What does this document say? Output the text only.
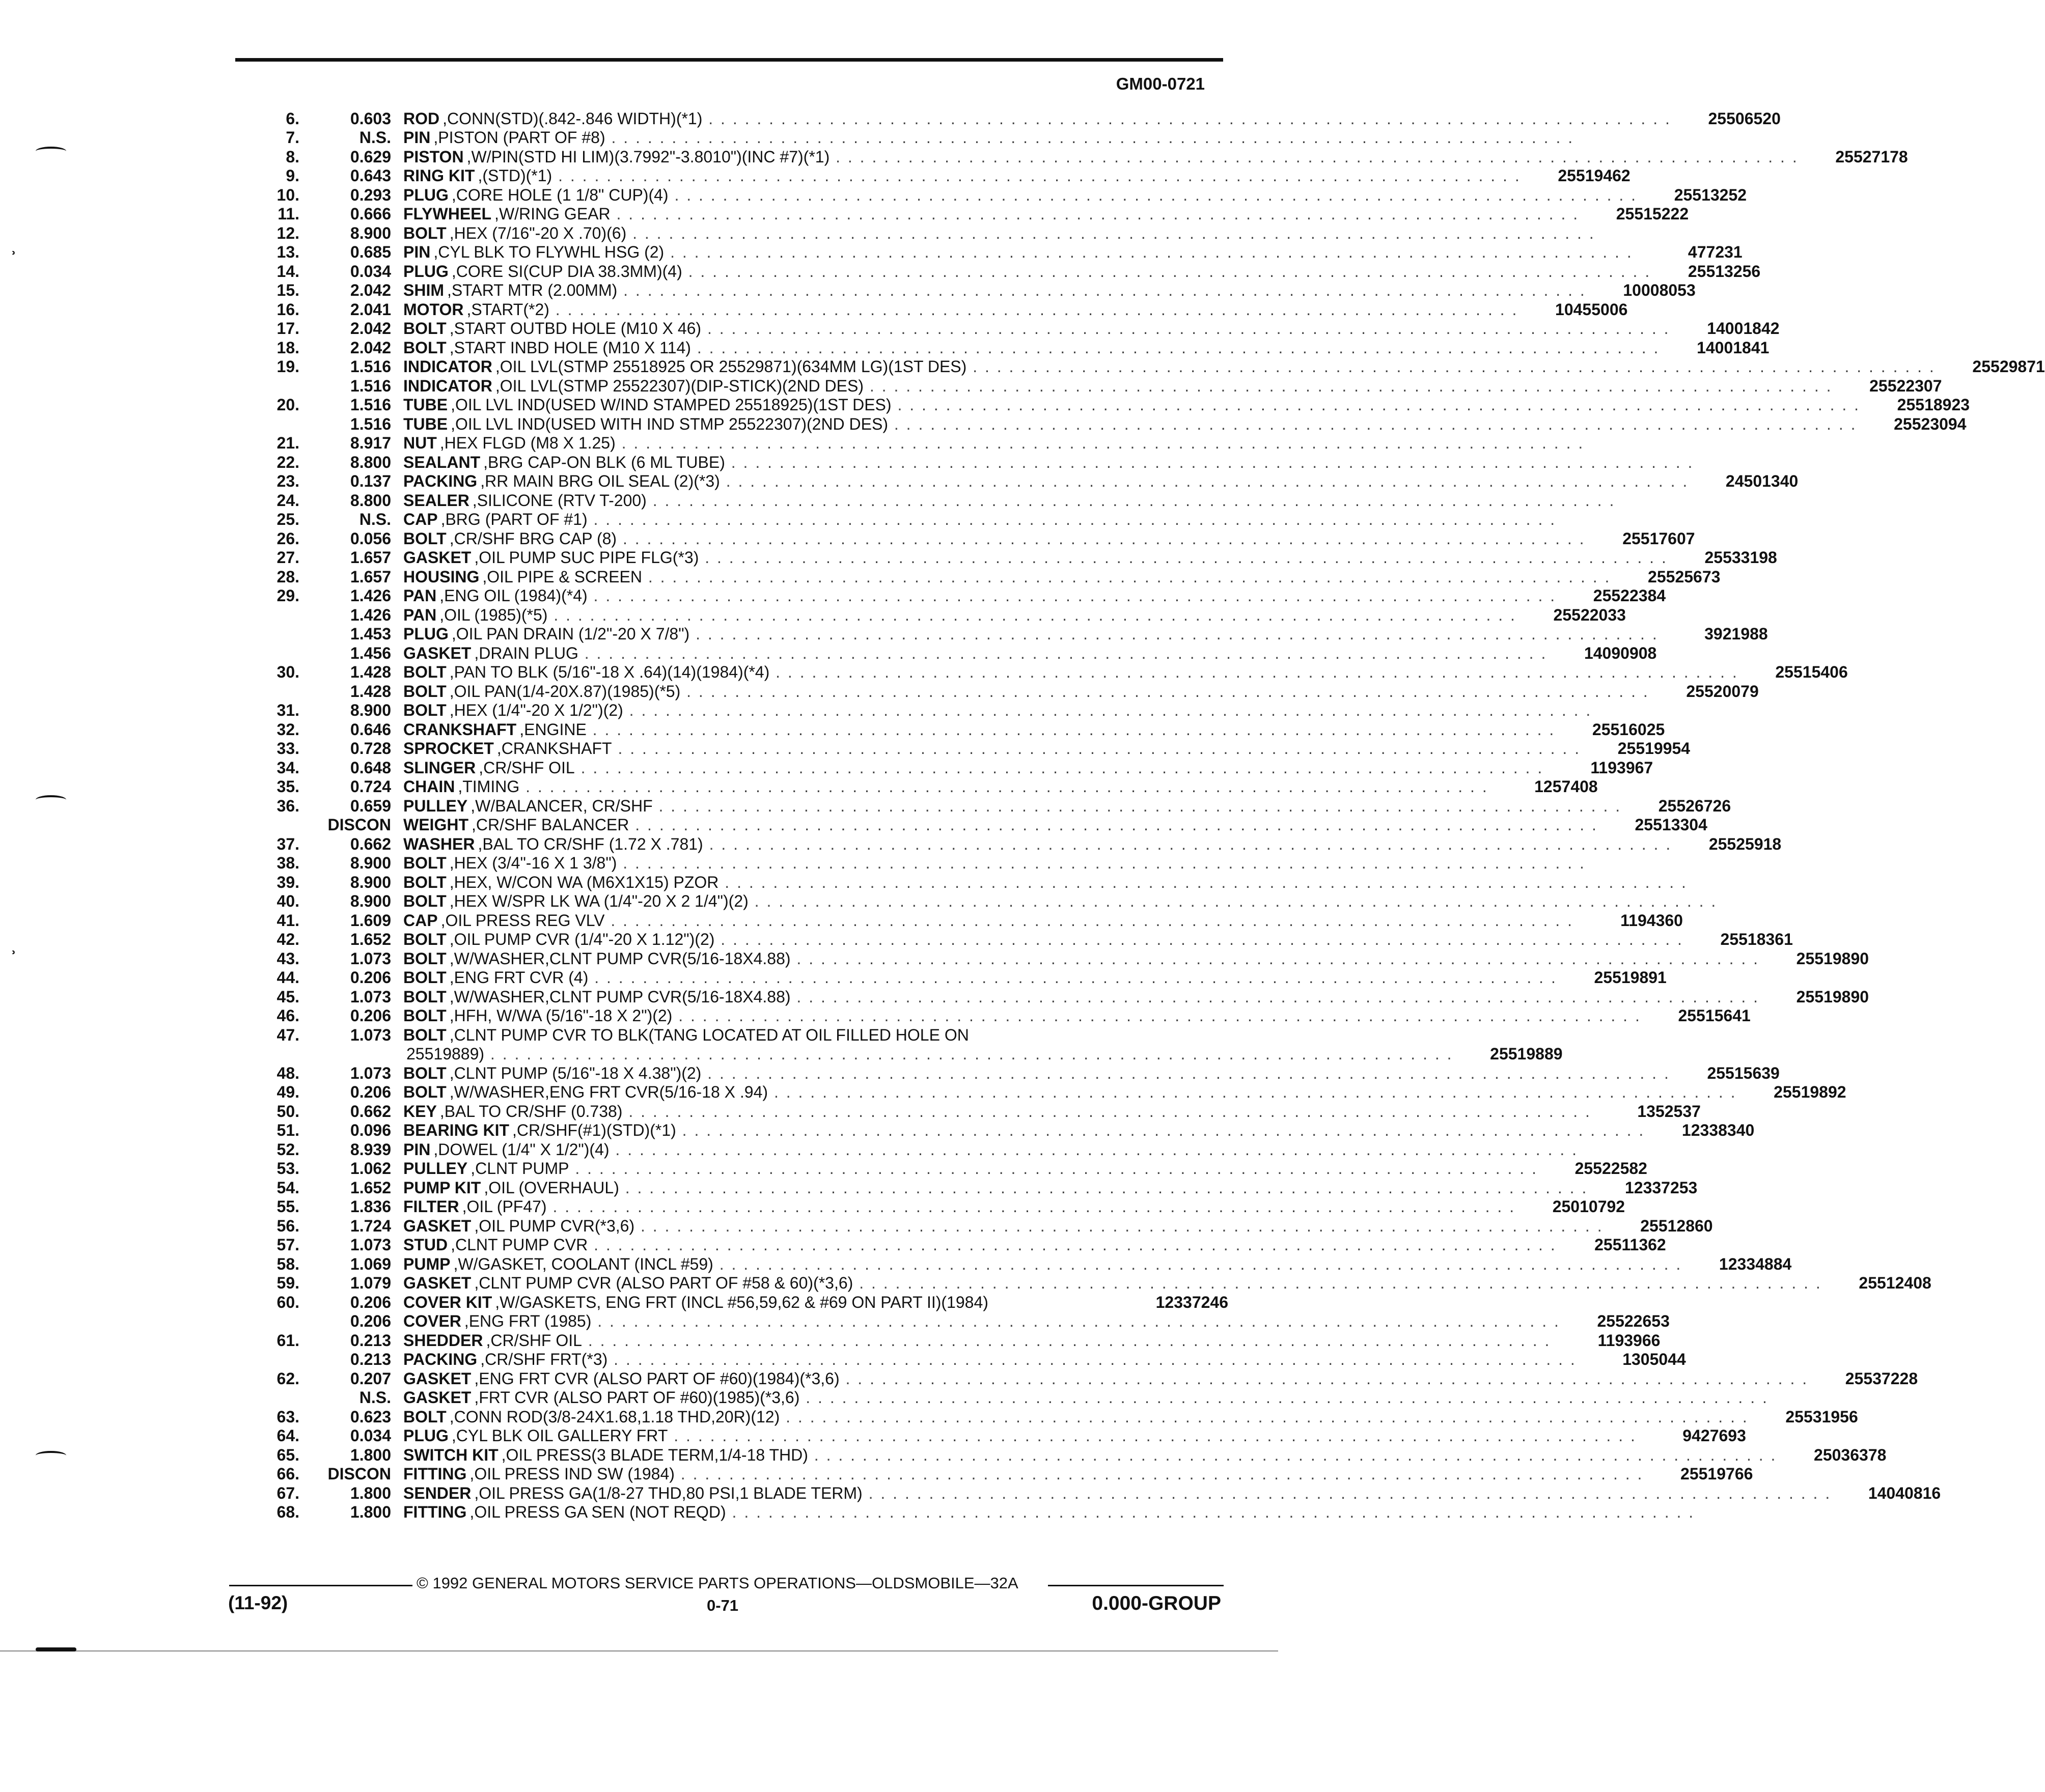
GM00-0721
6.	0.603 ROD ,CONN(STD)(.842-.846 WIDTH)(*1) . . . . . . . . . . . . . . . . . . . . . . . . . . . . . . . . . . . . . . . . . . . . . . . . . . . . . . . . . . . . . . . . . . . . . . . . . . . . . . . .	25506520
7.	N.S. PIN ,PISTON (PART OF #8) . . . . . . . . . . . . . . . . . . . . . . . . . . . . . . . . . . . . . . . . . . . . . . . . . . . . . . . . . . . . . . . . . . . . . . . . . . . . . . . .
8.	0.629 PISTON ,W/PIN(STD HI LIM)(3.7992"-3.8010")(INC #7)(*1) . . . . . . . . . . . . . . . . . . . . . . . . . . . . . . . . . . . . . . . . . . . . . . . . . . . . . . . . . . . . . . . . . . . . . . . . . . . . . . . .	25527178
9.	0.643 RING KIT ,(STD)(*1) . . . . . . . . . . . . . . . . . . . . . . . . . . . . . . . . . . . . . . . . . . . . . . . . . . . . . . . . . . . . . . . . . . . . . . . . . . . . . . . .	25519462
10.	0.293 PLUG ,CORE HOLE (1 1/8" CUP)(4) . . . . . . . . . . . . . . . . . . . . . . . . . . . . . . . . . . . . . . . . . . . . . . . . . . . . . . . . . . . . . . . . . . . . . . . . . . . . . . . .	25513252
11.	0.666 FLYWHEEL ,W/RING GEAR . . . . . . . . . . . . . . . . . . . . . . . . . . . . . . . . . . . . . . . . . . . . . . . . . . . . . . . . . . . . . . . . . . . . . . . . . . . . . . . .	25515222
12.	8.900 BOLT ,HEX (7/16"-20 X .70)(6) . . . . . . . . . . . . . . . . . . . . . . . . . . . . . . . . . . . . . . . . . . . . . . . . . . . . . . . . . . . . . . . . . . . . . . . . . . . . . . . .
13.	0.685 PIN ,CYL BLK TO FLYWHL HSG (2) . . . . . . . . . . . . . . . . . . . . . . . . . . . . . . . . . . . . . . . . . . . . . . . . . . . . . . . . . . . . . . . . . . . . . . . . . . . . . . . .	477231
14.	0.034 PLUG ,CORE SI(CUP DIA 38.3MM)(4) . . . . . . . . . . . . . . . . . . . . . . . . . . . . . . . . . . . . . . . . . . . . . . . . . . . . . . . . . . . . . . . . . . . . . . . . . . . . . . . .	25513256
15.	2.042 SHIM ,START MTR (2.00MM) . . . . . . . . . . . . . . . . . . . . . . . . . . . . . . . . . . . . . . . . . . . . . . . . . . . . . . . . . . . . . . . . . . . . . . . . . . . . . . . .	10008053
16.	2.041 MOTOR ,START(*2) . . . . . . . . . . . . . . . . . . . . . . . . . . . . . . . . . . . . . . . . . . . . . . . . . . . . . . . . . . . . . . . . . . . . . . . . . . . . . . . .	10455006
17.	2.042 BOLT ,START OUTBD HOLE (M10 X 46) . . . . . . . . . . . . . . . . . . . . . . . . . . . . . . . . . . . . . . . . . . . . . . . . . . . . . . . . . . . . . . . . . . . . . . . . . . . . . . . .	14001842
18.	2.042 BOLT ,START INBD HOLE (M10 X 114) . . . . . . . . . . . . . . . . . . . . . . . . . . . . . . . . . . . . . . . . . . . . . . . . . . . . . . . . . . . . . . . . . . . . . . . . . . . . . . . .	14001841
19.	1.516 INDICATOR ,OIL LVL(STMP 25518925 OR 25529871)(634MM LG)(1ST DES) . . . . . . . . . . . . . . . . . . . . . . . . . . . . . . . . . . . . . . . . . . . . . . . . . . . . . . . . . . . . . . . . . . . . . . . . . . . . . . . .	25529871
1.516 INDICATOR ,OIL LVL(STMP 25522307)(DIP-STICK)(2ND DES) . . . . . . . . . . . . . . . . . . . . . . . . . . . . . . . . . . . . . . . . . . . . . . . . . . . . . . . . . . . . . . . . . . . . . . . . . . . . . . . .	25522307
20.	1.516 TUBE ,OIL LVL IND(USED W/IND STAMPED 25518925)(1ST DES) . . . . . . . . . . . . . . . . . . . . . . . . . . . . . . . . . . . . . . . . . . . . . . . . . . . . . . . . . . . . . . . . . . . . . . . . . . . . . . . .	25518923
1.516 TUBE ,OIL LVL IND(USED WITH IND STMP 25522307)(2ND DES) . . . . . . . . . . . . . . . . . . . . . . . . . . . . . . . . . . . . . . . . . . . . . . . . . . . . . . . . . . . . . . . . . . . . . . . . . . . . . . . .	25523094
21.	8.917 NUT ,HEX FLGD (M8 X 1.25) . . . . . . . . . . . . . . . . . . . . . . . . . . . . . . . . . . . . . . . . . . . . . . . . . . . . . . . . . . . . . . . . . . . . . . . . . . . . . . . .
22.	8.800 SEALANT ,BRG CAP-ON BLK (6 ML TUBE) . . . . . . . . . . . . . . . . . . . . . . . . . . . . . . . . . . . . . . . . . . . . . . . . . . . . . . . . . . . . . . . . . . . . . . . . . . . . . . . .
23.	0.137 PACKING ,RR MAIN BRG OIL SEAL (2)(*3) . . . . . . . . . . . . . . . . . . . . . . . . . . . . . . . . . . . . . . . . . . . . . . . . . . . . . . . . . . . . . . . . . . . . . . . . . . . . . . . .	24501340
24.	8.800 SEALER ,SILICONE (RTV T-200) . . . . . . . . . . . . . . . . . . . . . . . . . . . . . . . . . . . . . . . . . . . . . . . . . . . . . . . . . . . . . . . . . . . . . . . . . . . . . . . .
25.	N.S. CAP ,BRG (PART OF #1) . . . . . . . . . . . . . . . . . . . . . . . . . . . . . . . . . . . . . . . . . . . . . . . . . . . . . . . . . . . . . . . . . . . . . . . . . . . . . . . .
26.	0.056 BOLT ,CR/SHF BRG CAP (8) . . . . . . . . . . . . . . . . . . . . . . . . . . . . . . . . . . . . . . . . . . . . . . . . . . . . . . . . . . . . . . . . . . . . . . . . . . . . . . . .	25517607
27.	1.657 GASKET ,OIL PUMP SUC PIPE FLG(*3) . . . . . . . . . . . . . . . . . . . . . . . . . . . . . . . . . . . . . . . . . . . . . . . . . . . . . . . . . . . . . . . . . . . . . . . . . . . . . . . .	25533198
28.	1.657 HOUSING ,OIL PIPE & SCREEN . . . . . . . . . . . . . . . . . . . . . . . . . . . . . . . . . . . . . . . . . . . . . . . . . . . . . . . . . . . . . . . . . . . . . . . . . . . . . . . .	25525673
29.	1.426 PAN ,ENG OIL (1984)(*4) . . . . . . . . . . . . . . . . . . . . . . . . . . . . . . . . . . . . . . . . . . . . . . . . . . . . . . . . . . . . . . . . . . . . . . . . . . . . . . . .	25522384
1.426 PAN ,OIL (1985)(*5) . . . . . . . . . . . . . . . . . . . . . . . . . . . . . . . . . . . . . . . . . . . . . . . . . . . . . . . . . . . . . . . . . . . . . . . . . . . . . . . .	25522033
1.453 PLUG ,OIL PAN DRAIN (1/2"-20 X 7/8") . . . . . . . . . . . . . . . . . . . . . . . . . . . . . . . . . . . . . . . . . . . . . . . . . . . . . . . . . . . . . . . . . . . . . . . . . . . . . . . .	3921988
1.456 GASKET ,DRAIN PLUG . . . . . . . . . . . . . . . . . . . . . . . . . . . . . . . . . . . . . . . . . . . . . . . . . . . . . . . . . . . . . . . . . . . . . . . . . . . . . . . .	14090908
30.	1.428 BOLT ,PAN TO BLK (5/16"-18 X .64)(14)(1984)(*4) . . . . . . . . . . . . . . . . . . . . . . . . . . . . . . . . . . . . . . . . . . . . . . . . . . . . . . . . . . . . . . . . . . . . . . . . . . . . . . . .	25515406
1.428 BOLT ,OIL PAN(1/4-20X.87)(1985)(*5) . . . . . . . . . . . . . . . . . . . . . . . . . . . . . . . . . . . . . . . . . . . . . . . . . . . . . . . . . . . . . . . . . . . . . . . . . . . . . . . .	25520079
31.	8.900 BOLT ,HEX (1/4"-20 X 1/2")(2) . . . . . . . . . . . . . . . . . . . . . . . . . . . . . . . . . . . . . . . . . . . . . . . . . . . . . . . . . . . . . . . . . . . . . . . . . . . . . . . .
32.	0.646 CRANKSHAFT ,ENGINE . . . . . . . . . . . . . . . . . . . . . . . . . . . . . . . . . . . . . . . . . . . . . . . . . . . . . . . . . . . . . . . . . . . . . . . . . . . . . . . .	25516025
33.	0.728 SPROCKET ,CRANKSHAFT . . . . . . . . . . . . . . . . . . . . . . . . . . . . . . . . . . . . . . . . . . . . . . . . . . . . . . . . . . . . . . . . . . . . . . . . . . . . . . . .	25519954
34.	0.648 SLINGER ,CR/SHF OIL . . . . . . . . . . . . . . . . . . . . . . . . . . . . . . . . . . . . . . . . . . . . . . . . . . . . . . . . . . . . . . . . . . . . . . . . . . . . . . . .	1193967
35.	0.724 CHAIN ,TIMING . . . . . . . . . . . . . . . . . . . . . . . . . . . . . . . . . . . . . . . . . . . . . . . . . . . . . . . . . . . . . . . . . . . . . . . . . . . . . . . .	1257408
36.	0.659 PULLEY ,W/BALANCER, CR/SHF . . . . . . . . . . . . . . . . . . . . . . . . . . . . . . . . . . . . . . . . . . . . . . . . . . . . . . . . . . . . . . . . . . . . . . . . . . . . . . . .	25526726
DISCON WEIGHT ,CR/SHF BALANCER . . . . . . . . . . . . . . . . . . . . . . . . . . . . . . . . . . . . . . . . . . . . . . . . . . . . . . . . . . . . . . . . . . . . . . . . . . . . . . . .	25513304
37.	0.662 WASHER ,BAL TO CR/SHF (1.72 X .781) . . . . . . . . . . . . . . . . . . . . . . . . . . . . . . . . . . . . . . . . . . . . . . . . . . . . . . . . . . . . . . . . . . . . . . . . . . . . . . . .	25525918
38.	8.900 BOLT ,HEX (3/4"-16 X 1 3/8") . . . . . . . . . . . . . . . . . . . . . . . . . . . . . . . . . . . . . . . . . . . . . . . . . . . . . . . . . . . . . . . . . . . . . . . . . . . . . . . .
39.	8.900 BOLT ,HEX, W/CON WA (M6X1X15) PZOR . . . . . . . . . . . . . . . . . . . . . . . . . . . . . . . . . . . . . . . . . . . . . . . . . . . . . . . . . . . . . . . . . . . . . . . . . . . . . . . .
40.	8.900 BOLT ,HEX W/SPR LK WA (1/4"-20 X 2 1/4")(2) . . . . . . . . . . . . . . . . . . . . . . . . . . . . . . . . . . . . . . . . . . . . . . . . . . . . . . . . . . . . . . . . . . . . . . . . . . . . . . . .
41.	1.609 CAP ,OIL PRESS REG VLV . . . . . . . . . . . . . . . . . . . . . . . . . . . . . . . . . . . . . . . . . . . . . . . . . . . . . . . . . . . . . . . . . . . . . . . . . . . . . . . .	1194360
42.	1.652 BOLT ,OIL PUMP CVR (1/4"-20 X 1.12")(2) . . . . . . . . . . . . . . . . . . . . . . . . . . . . . . . . . . . . . . . . . . . . . . . . . . . . . . . . . . . . . . . . . . . . . . . . . . . . . . . .	25518361
43.	1.073 BOLT ,W/WASHER,CLNT PUMP CVR(5/16-18X4.88) . . . . . . . . . . . . . . . . . . . . . . . . . . . . . . . . . . . . . . . . . . . . . . . . . . . . . . . . . . . . . . . . . . . . . . . . . . . . . . . .	25519890
44.	0.206 BOLT ,ENG FRT CVR (4) . . . . . . . . . . . . . . . . . . . . . . . . . . . . . . . . . . . . . . . . . . . . . . . . . . . . . . . . . . . . . . . . . . . . . . . . . . . . . . . .	25519891
45.	1.073 BOLT ,W/WASHER,CLNT PUMP CVR(5/16-18X4.88) . . . . . . . . . . . . . . . . . . . . . . . . . . . . . . . . . . . . . . . . . . . . . . . . . . . . . . . . . . . . . . . . . . . . . . . . . . . . . . . .	25519890
46.	0.206 BOLT ,HFH, W/WA (5/16"-18 X 2")(2) . . . . . . . . . . . . . . . . . . . . . . . . . . . . . . . . . . . . . . . . . . . . . . . . . . . . . . . . . . . . . . . . . . . . . . . . . . . . . . . .	25515641
47.	1.073 BOLT ,CLNT PUMP CVR TO BLK(TANG LOCATED AT OIL FILLED HOLE ON
25519889) . . . . . . . . . . . . . . . . . . . . . . . . . . . . . . . . . . . . . . . . . . . . . . . . . . . . . . . . . . . . . . . . . . . . . . . . . . . . . . . .	25519889
48.	1.073 BOLT ,CLNT PUMP (5/16"-18 X 4.38")(2) . . . . . . . . . . . . . . . . . . . . . . . . . . . . . . . . . . . . . . . . . . . . . . . . . . . . . . . . . . . . . . . . . . . . . . . . . . . . . . . .	25515639
49.	0.206 BOLT ,W/WASHER,ENG FRT CVR(5/16-18 X .94) . . . . . . . . . . . . . . . . . . . . . . . . . . . . . . . . . . . . . . . . . . . . . . . . . . . . . . . . . . . . . . . . . . . . . . . . . . . . . . . .	25519892
50.	0.662 KEY ,BAL TO CR/SHF (0.738) . . . . . . . . . . . . . . . . . . . . . . . . . . . . . . . . . . . . . . . . . . . . . . . . . . . . . . . . . . . . . . . . . . . . . . . . . . . . . . . .	1352537
51.	0.096 BEARING KIT ,CR/SHF(#1)(STD)(*1) . . . . . . . . . . . . . . . . . . . . . . . . . . . . . . . . . . . . . . . . . . . . . . . . . . . . . . . . . . . . . . . . . . . . . . . . . . . . . . . .	12338340
52.	8.939 PIN ,DOWEL (1/4" X 1/2")(4) . . . . . . . . . . . . . . . . . . . . . . . . . . . . . . . . . . . . . . . . . . . . . . . . . . . . . . . . . . . . . . . . . . . . . . . . . . . . . . . .
53.	1.062 PULLEY ,CLNT PUMP . . . . . . . . . . . . . . . . . . . . . . . . . . . . . . . . . . . . . . . . . . . . . . . . . . . . . . . . . . . . . . . . . . . . . . . . . . . . . . . .	25522582
54.	1.652 PUMP KIT ,OIL (OVERHAUL) . . . . . . . . . . . . . . . . . . . . . . . . . . . . . . . . . . . . . . . . . . . . . . . . . . . . . . . . . . . . . . . . . . . . . . . . . . . . . . . .	12337253
55.	1.836 FILTER ,OIL (PF47) . . . . . . . . . . . . . . . . . . . . . . . . . . . . . . . . . . . . . . . . . . . . . . . . . . . . . . . . . . . . . . . . . . . . . . . . . . . . . . . .	25010792
56.	1.724 GASKET ,OIL PUMP CVR(*3,6) . . . . . . . . . . . . . . . . . . . . . . . . . . . . . . . . . . . . . . . . . . . . . . . . . . . . . . . . . . . . . . . . . . . . . . . . . . . . . . . .	25512860
57.	1.073 STUD ,CLNT PUMP CVR . . . . . . . . . . . . . . . . . . . . . . . . . . . . . . . . . . . . . . . . . . . . . . . . . . . . . . . . . . . . . . . . . . . . . . . . . . . . . . . .	25511362
58.	1.069 PUMP ,W/GASKET, COOLANT (INCL #59) . . . . . . . . . . . . . . . . . . . . . . . . . . . . . . . . . . . . . . . . . . . . . . . . . . . . . . . . . . . . . . . . . . . . . . . . . . . . . . . .	12334884
59.	1.079 GASKET ,CLNT PUMP CVR (ALSO PART OF #58 & 60)(*3,6) . . . . . . . . . . . . . . . . . . . . . . . . . . . . . . . . . . . . . . . . . . . . . . . . . . . . . . . . . . . . . . . . . . . . . . . . . . . . . . . .	25512408
60.	0.206 COVER KIT ,W/GASKETS, ENG FRT (INCL #56,59,62 & #69 ON PART II)(1984)	12337246
0.206 COVER ,ENG FRT (1985) . . . . . . . . . . . . . . . . . . . . . . . . . . . . . . . . . . . . . . . . . . . . . . . . . . . . . . . . . . . . . . . . . . . . . . . . . . . . . . . .	25522653
61.	0.213 SHEDDER ,CR/SHF OIL . . . . . . . . . . . . . . . . . . . . . . . . . . . . . . . . . . . . . . . . . . . . . . . . . . . . . . . . . . . . . . . . . . . . . . . . . . . . . . . .	1193966
0.213 PACKING ,CR/SHF FRT(*3) . . . . . . . . . . . . . . . . . . . . . . . . . . . . . . . . . . . . . . . . . . . . . . . . . . . . . . . . . . . . . . . . . . . . . . . . . . . . . . . .	1305044
62.	0.207 GASKET ,ENG FRT CVR (ALSO PART OF #60)(1984)(*3,6) . . . . . . . . . . . . . . . . . . . . . . . . . . . . . . . . . . . . . . . . . . . . . . . . . . . . . . . . . . . . . . . . . . . . . . . . . . . . . . . .	25537228
N.S. GASKET ,FRT CVR (ALSO PART OF #60)(1985)(*3,6) . . . . . . . . . . . . . . . . . . . . . . . . . . . . . . . . . . . . . . . . . . . . . . . . . . . . . . . . . . . . . . . . . . . . . . . . . . . . . . . .
63.	0.623 BOLT ,CONN ROD(3/8-24X1.68,1.18 THD,20R)(12) . . . . . . . . . . . . . . . . . . . . . . . . . . . . . . . . . . . . . . . . . . . . . . . . . . . . . . . . . . . . . . . . . . . . . . . . . . . . . . . .	25531956
64.	0.034 PLUG ,CYL BLK OIL GALLERY FRT . . . . . . . . . . . . . . . . . . . . . . . . . . . . . . . . . . . . . . . . . . . . . . . . . . . . . . . . . . . . . . . . . . . . . . . . . . . . . . . .	9427693
65.	1.800 SWITCH KIT ,OIL PRESS(3 BLADE TERM,1/4-18 THD) . . . . . . . . . . . . . . . . . . . . . . . . . . . . . . . . . . . . . . . . . . . . . . . . . . . . . . . . . . . . . . . . . . . . . . . . . . . . . . . .	25036378
66.	DISCON FITTING ,OIL PRESS IND SW (1984) . . . . . . . . . . . . . . . . . . . . . . . . . . . . . . . . . . . . . . . . . . . . . . . . . . . . . . . . . . . . . . . . . . . . . . . . . . . . . . . .	25519766
67.	1.800 SENDER ,OIL PRESS GA(1/8-27 THD,80 PSI,1 BLADE TERM) . . . . . . . . . . . . . . . . . . . . . . . . . . . . . . . . . . . . . . . . . . . . . . . . . . . . . . . . . . . . . . . . . . . . . . . . . . . . . . . .	14040816
68.	1.800 FITTING ,OIL PRESS GA SEN (NOT REQD) . . . . . . . . . . . . . . . . . . . . . . . . . . . . . . . . . . . . . . . . . . . . . . . . . . . . . . . . . . . . . . . . . . . . . . . . . . . . . . . .
© 1992 GENERAL MOTORS SERVICE PARTS OPERATIONS—OLDSMOBILE—32A
(11-92)	0-71	0.000-GROUP
ʾ
ʾ
